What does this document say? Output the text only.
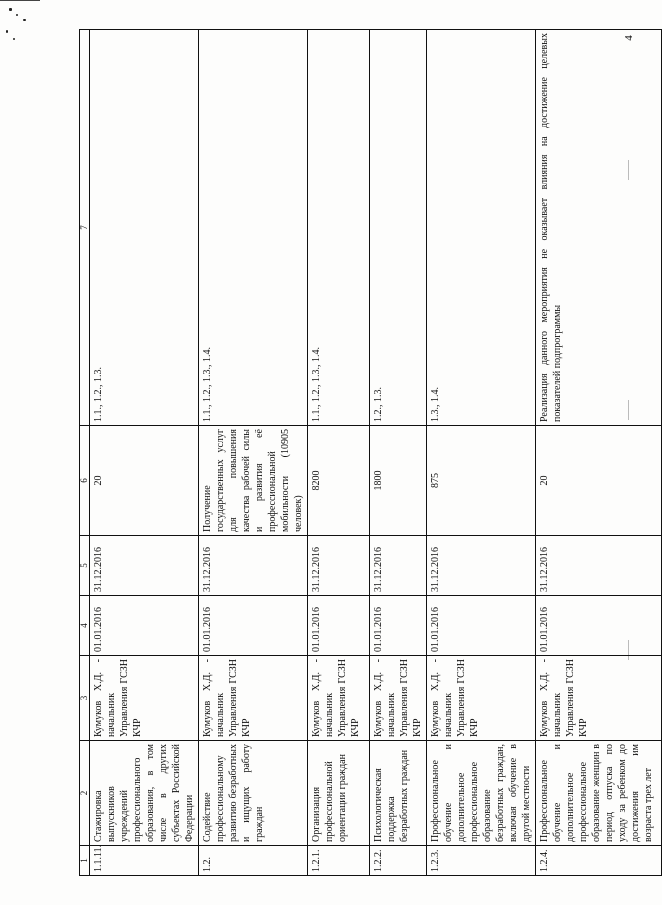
4
1	2	3	4	5	6	7
1.1.11.	Стажировка выпускников учреждений профессионального образования, в том числе в других субъектах Российской Федерации	Кумуков Х.Д. - начальник Управления ГСЗН КЧР	01.01.2016	31.12.2016	20	1.1., 1.2., 1.3.
1.2.	Содействие профессиональному развитию безработных и ищущих работу граждан	Кумуков Х.Д. - начальник Управления ГСЗН КЧР	01.01.2016	31.12.2016	Получение государственных услуг для повышения качества рабочей силы и развития её профессиональной мобильности (10905 человек)	1.1., 1.2., 1.3., 1.4.
1.2.1.	Организация профессиональной ориентации граждан	Кумуков Х.Д. - начальник Управления ГСЗН КЧР	01.01.2016	31.12.2016	8200	1.1., 1.2., 1.3., 1.4.
1.2.2.	Психологическая поддержка безработных граждан	Кумуков Х.Д. - начальник Управления ГСЗН КЧР	01.01.2016	31.12.2016	1800	1.2., 1.3.
1.2.3.	Профессиональное обучение и дополнительное профессиональное образование безработных граждан, включая обучение в другой местности	Кумуков Х.Д. - начальник Управления ГСЗН КЧР	01.01.2016	31.12.2016	875	1.3., 1.4.
1.2.4.	Профессиональное обучение и дополнительное профессиональное образование женщин в период отпуска по уходу за ребенком до достижения им возраста трех лет	Кумуков Х.Д. - начальник Управления ГСЗН КЧР	01.01.2016	31.12.2016	20	Реализация данного мероприятия не оказывает влияния на достижение целевых показателей подпрограммы
